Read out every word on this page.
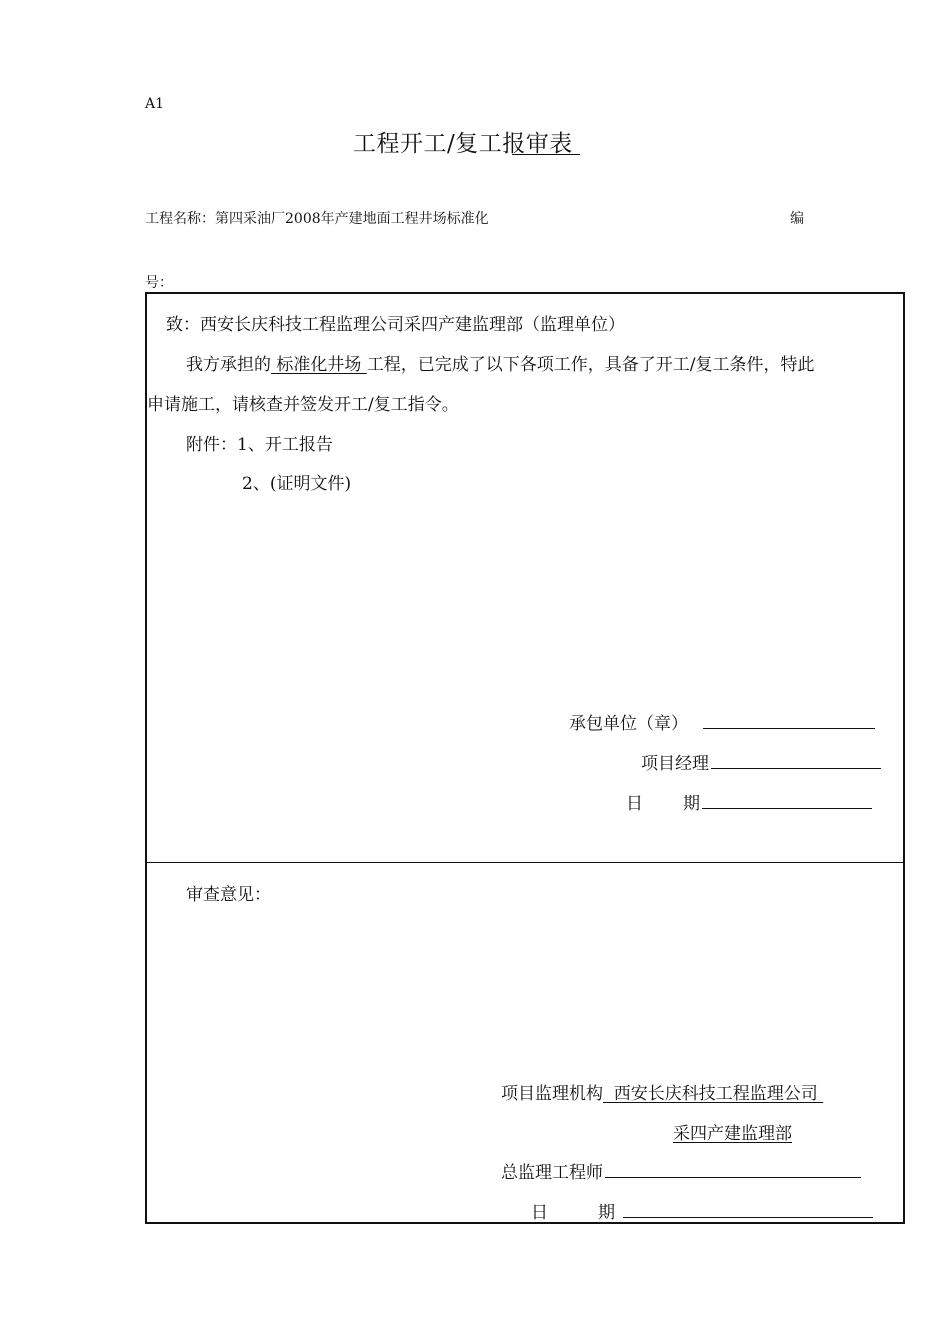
A1
工程开工/复工报审表
工程名称：第四采油厂2008年产建地面工程井场标准化	编
号：
致：西安长庆科技工程监理公司采四产建监理部（监理单位）
我方承担的 标准化井场 工程，已完成了以下各项工作，具备了开工/复工条件，特此
申请施工，请核查并签发开工/复工指令。
附件：1、开工报告
2、(证明文件)
承包单位（章）
项目经理
日 期
审查意见：
项目监理机构  西安长庆科技工程监理公司
采四产建监理部
总监理工程师
日	期
